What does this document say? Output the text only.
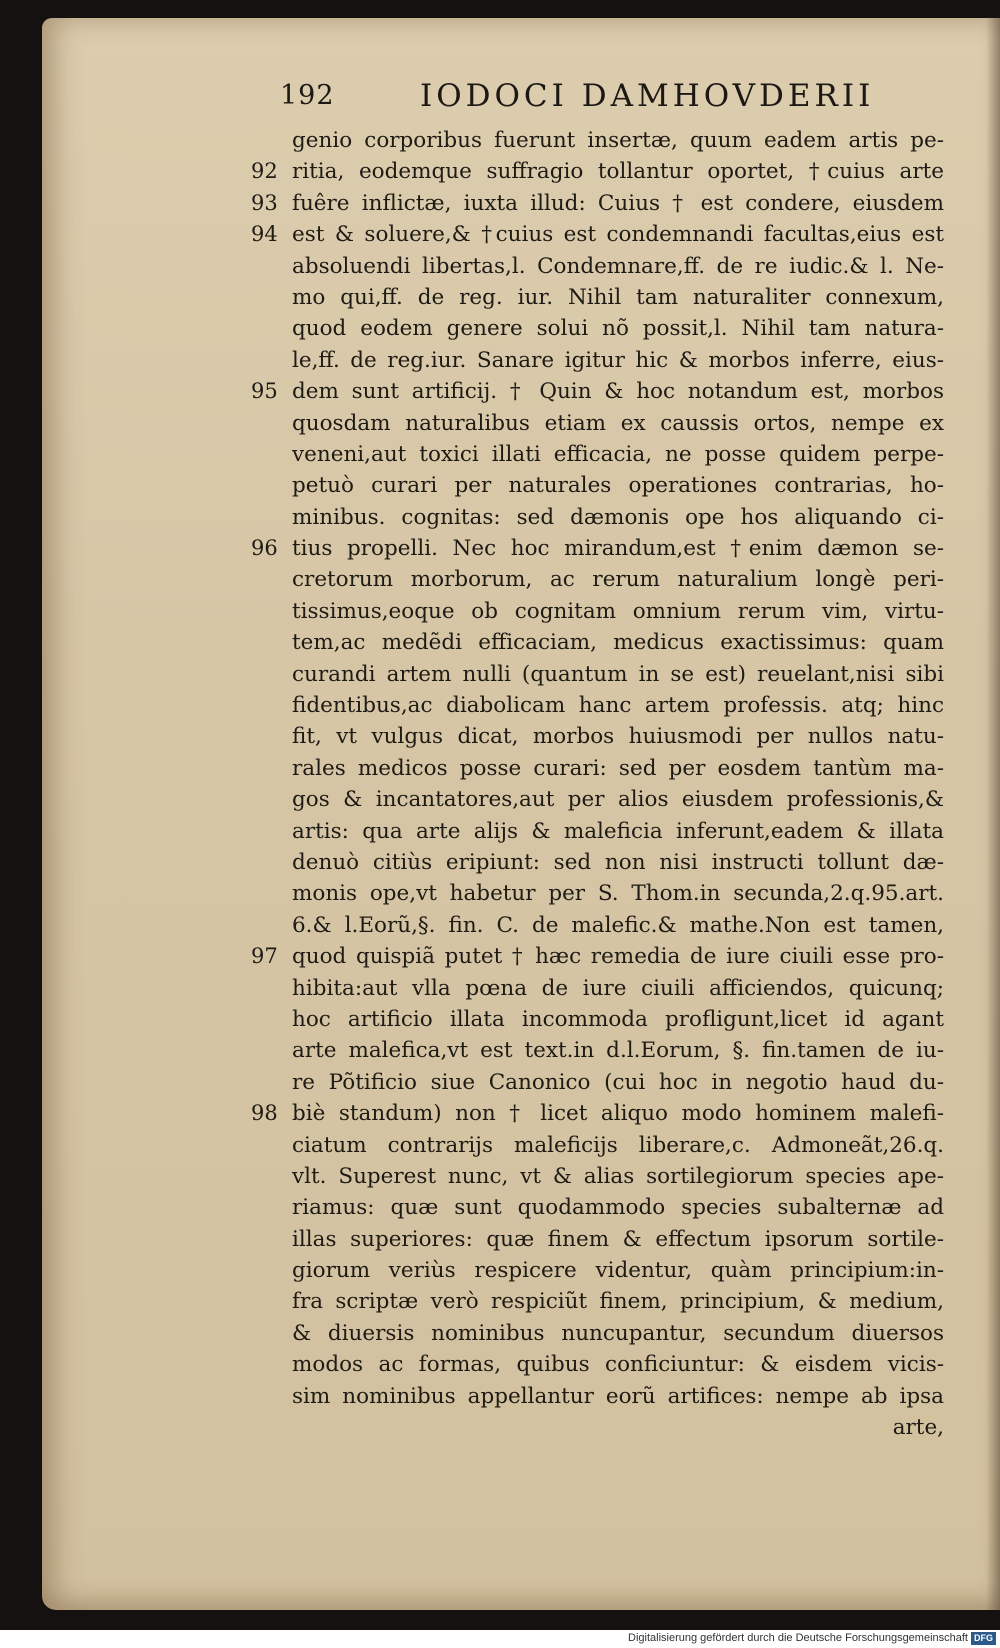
192	IODOCI DAMHOVDERII
genio corporibus fuerunt insertæ, quum eadem artis pe-
92 ritia, eodemque suffragio tollantur oportet, †cuius arte
93 fuêre inflictæ, iuxta illud: Cuius † est condere, eiusdem
94 est & soluere,& †cuius est condemnandi facultas,eius est
absoluendi libertas,l. Condemnare,ff. de re iudic.& l. Ne-
mo qui,ff. de reg. iur. Nihil tam naturaliter connexum,
quod eodem genere solui nõ possit,l. Nihil tam natura-
le,ff. de reg.iur. Sanare igitur hic & morbos inferre, eius-
95 dem sunt artificij. † Quin & hoc notandum est, morbos
quosdam naturalibus etiam ex caussis ortos, nempe ex
veneni,aut toxici illati efficacia, ne posse quidem perpe-
petuò curari per naturales operationes contrarias, ho-
minibus. cognitas: sed dæmonis ope hos aliquando ci-
96 tius propelli. Nec hoc mirandum,est †enim dæmon se-
cretorum morborum, ac rerum naturalium longè peri-
tissimus,eoque ob cognitam omnium rerum vim, virtu-
tem,ac medẽdi efficaciam, medicus exactissimus: quam
curandi artem nulli (quantum in se est) reuelant,nisi sibi
fidentibus,ac diabolicam hanc artem professis. atq; hinc
fit, vt vulgus dicat, morbos huiusmodi per nullos natu-
rales medicos posse curari: sed per eosdem tantùm ma-
gos & incantatores,aut per alios eiusdem professionis,&
artis: qua arte alijs & maleficia inferunt,eadem & illata
denuò citiùs eripiunt: sed non nisi instructi tollunt dæ-
monis ope,vt habetur per S. Thom.in secunda,2.q.95.art.
6.& l.Eorũ,§. fin. C. de malefic.& mathe.Non est tamen,
97 quod quispiã putet † hæc remedia de iure ciuili esse pro-
hibita:aut vlla pœna de iure ciuili afficiendos, quicunq;
hoc artificio illata incommoda profligunt,licet id agant
arte malefica,vt est text.in d.l.Eorum, §. fin.tamen de iu-
re Põtificio siue Canonico (cui hoc in negotio haud du-
98 biè standum) non † licet aliquo modo hominem malefi-
ciatum contrarijs maleficijs liberare,c. Admoneãt,26.q.
vlt. Superest nunc, vt & alias sortilegiorum species ape-
riamus: quæ sunt quodammodo species subalternæ ad
illas superiores: quæ finem & effectum ipsorum sortile-
giorum veriùs respicere videntur, quàm principium:in-
fra scriptæ verò respiciũt finem, principium, & medium,
& diuersis nominibus nuncupantur, secundum diuersos
modos ac formas, quibus conficiuntur: & eisdem vicis-
sim nominibus appellantur eorũ artifices: nempe ab ipsa
arte,
Digitalisierung gefördert durch die Deutsche Forschungsgemeinschaft DFG
